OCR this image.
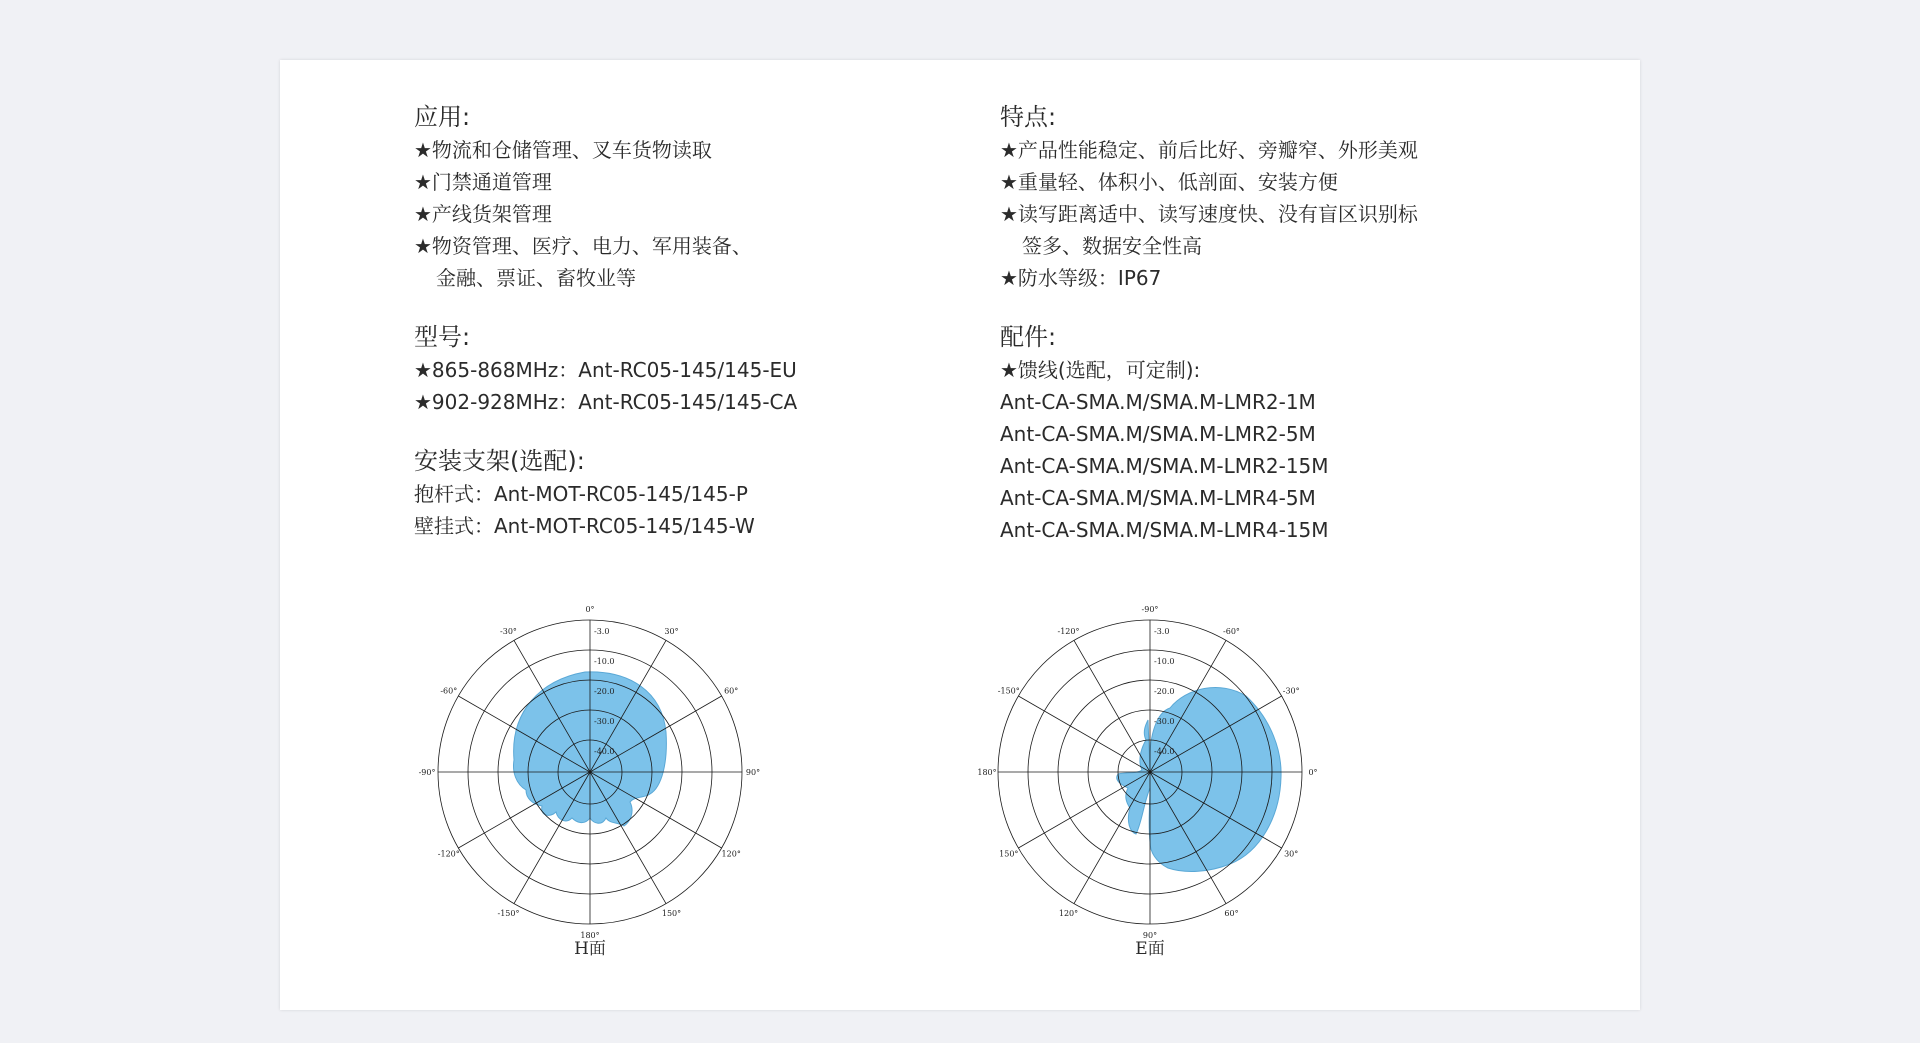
应用:
★物流和仓储管理、叉车货物读取
★门禁通道管理
★产线货架管理
★物资管理、医疗、电力、军用装备、
金融、票证、畜牧业等
型号:
★865-868MHz：Ant-RC05-145/145-EU
★902-928MHz：Ant-RC05-145/145-CA
安装支架(选配):
抱杆式：Ant-MOT-RC05-145/145-P
壁挂式：Ant-MOT-RC05-145/145-W
特点:
★产品性能稳定、前后比好、旁瓣窄、外形美观
★重量轻、体积小、低剖面、安装方便
★读写距离适中、读写速度快、没有盲区识别标
签多、数据安全性高
★防水等级：IP67
配件:
★馈线(选配，可定制):
Ant-CA-SMA.M/SMA.M-LMR2-1M
Ant-CA-SMA.M/SMA.M-LMR2-5M
Ant-CA-SMA.M/SMA.M-LMR2-15M
Ant-CA-SMA.M/SMA.M-LMR4-5M
Ant-CA-SMA.M/SMA.M-LMR4-15M
0°
30°
60°
90°
120°
150°
180°
-150°
-120°
-90°
-60°
-30°	-3.0
-10.0
-20.0
-30.0
-40.0
H面
-90°
-60°
-30°
0°
30°
60°
90°
120°
150°
180°
-150°
-120°	-3.0
-10.0
-20.0
-30.0
-40.0
E面
